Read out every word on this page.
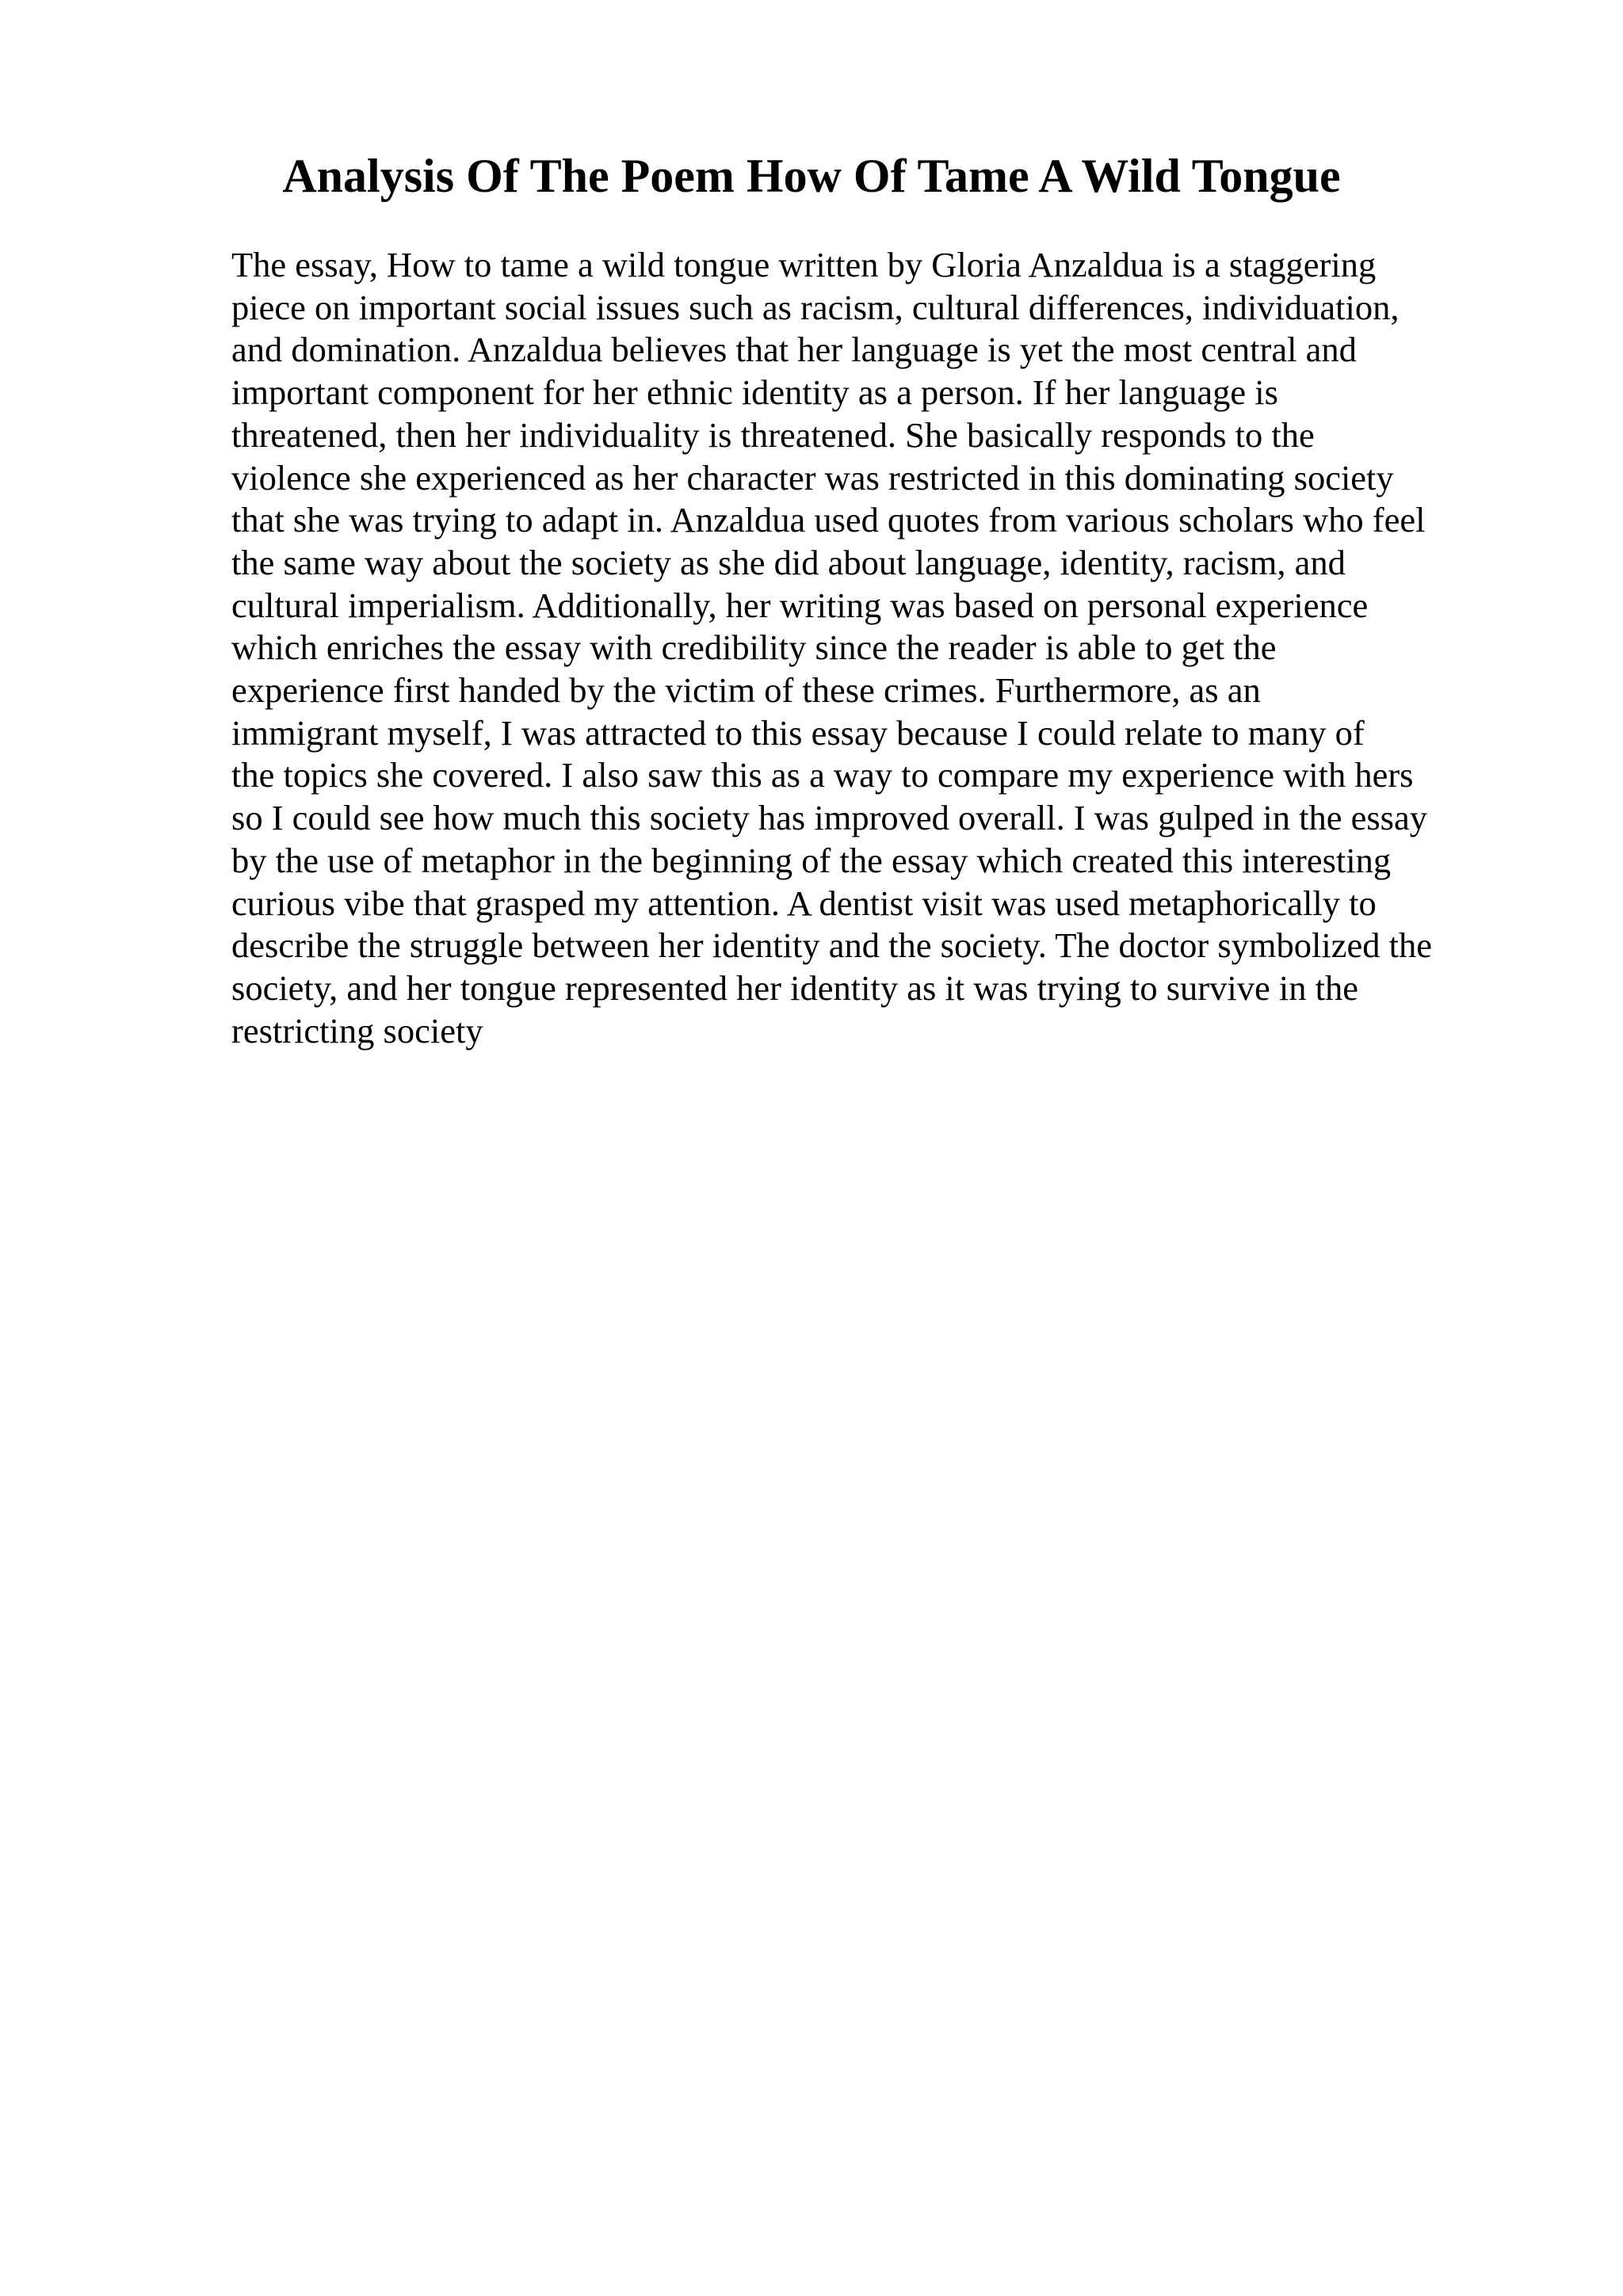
Analysis Of The Poem How Of Tame A Wild Tongue
The essay, How to tame a wild tongue written by Gloria Anzaldua is a staggering
piece on important social issues such as racism, cultural differences, individuation,
and domination. Anzaldua believes that her language is yet the most central and
important component for her ethnic identity as a person. If her language is
threatened, then her individuality is threatened. She basically responds to the
violence she experienced as her character was restricted in this dominating society
that she was trying to adapt in. Anzaldua used quotes from various scholars who feel
the same way about the society as she did about language, identity, racism, and
cultural imperialism. Additionally, her writing was based on personal experience
which enriches the essay with credibility since the reader is able to get the
experience first handed by the victim of these crimes. Furthermore, as an
immigrant myself, I was attracted to this essay because I could relate to many of
the topics she covered. I also saw this as a way to compare my experience with hers
so I could see how much this society has improved overall. I was gulped in the essay
by the use of metaphor in the beginning of the essay which created this interesting
curious vibe that grasped my attention. A dentist visit was used metaphorically to
describe the struggle between her identity and the society. The doctor symbolized the
society, and her tongue represented her identity as it was trying to survive in the
restricting society
